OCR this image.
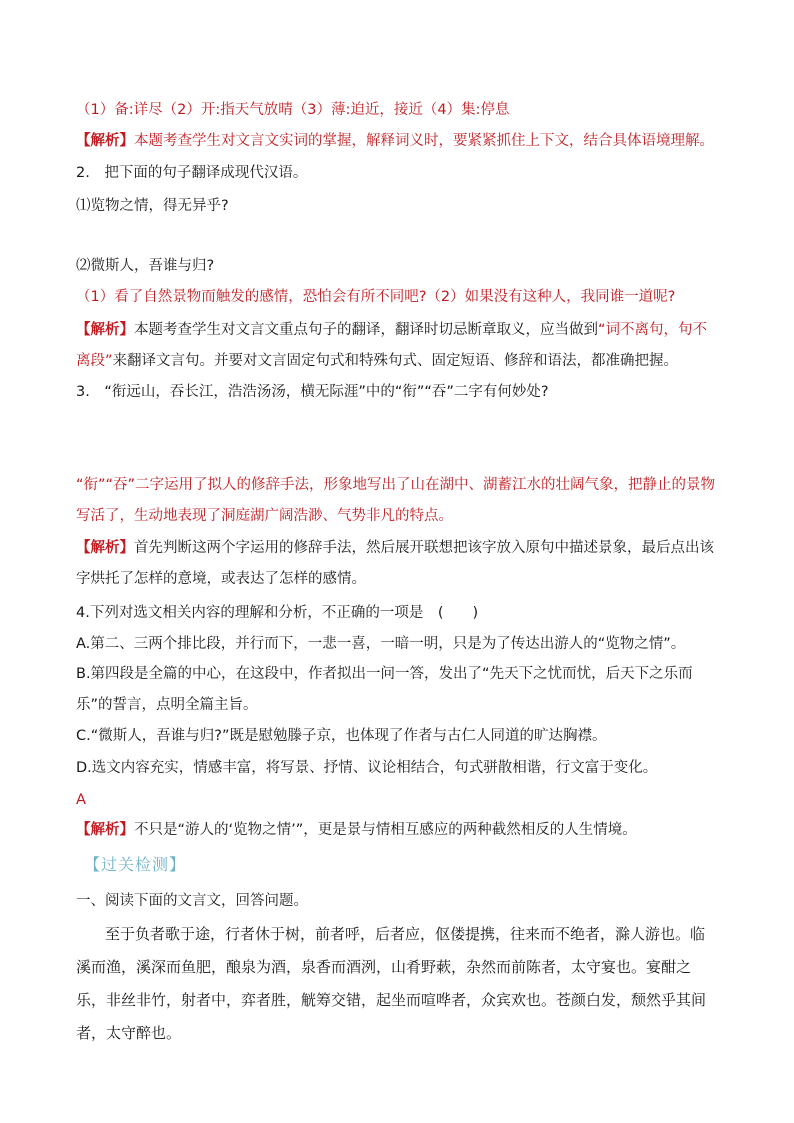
（1）备:详尽（2）开:指天气放晴（3）薄:迫近，接近（4）集:停息
【解析】本题考查学生对文言文实词的掌握，解释词义时，要紧紧抓住上下文，结合具体语境理解。
2.　把下面的句子翻译成现代汉语。
⑴览物之情，得无异乎?
⑵微斯人，吾谁与归?
（1）看了自然景物而触发的感情，恐怕会有所不同吧?（2）如果没有这种人，我同谁一道呢?
【解析】本题考查学生对文言文重点句子的翻译，翻译时切忌断章取义，应当做到“词不离句，句不离段”来翻译文言句。并要对文言固定句式和特殊句式、固定短语、修辞和语法，都准确把握。
3.　“衔远山，吞长江，浩浩汤汤，横无际涯”中的“衔”“吞”二字有何妙处?
“衔”“吞”二字运用了拟人的修辞手法，形象地写出了山在湖中、湖蓄江水的壮阔气象，把静止的景物写活了，生动地表现了洞庭湖广阔浩渺、气势非凡的特点。
【解析】首先判断这两个字运用的修辞手法，然后展开联想把该字放入原句中描述景象，最后点出该字烘托了怎样的意境，或表达了怎样的感情。
4.下列对选文相关内容的理解和分析，不正确的一项是　(　　)
A.第二、三两个排比段，并行而下，一悲一喜，一暗一明，只是为了传达出游人的“览物之情”。
B.第四段是全篇的中心，在这段中，作者拟出一问一答，发出了“先天下之忧而忧，后天下之乐而乐”的誓言，点明全篇主旨。
C.“微斯人，吾谁与归?”既是慰勉滕子京，也体现了作者与古仁人同道的旷达胸襟。
D.选文内容充实，情感丰富，将写景、抒情、议论相结合，句式骈散相谐，行文富于变化。
A
【解析】不只是“游人的‘览物之情’”，更是景与情相互感应的两种截然相反的人生情境。
【过关检测】
一、阅读下面的文言文，回答问题。
至于负者歌于途，行者休于树，前者呼，后者应，伛偻提携，往来而不绝者，滁人游也。临溪而渔，溪深而鱼肥，酿泉为酒，泉香而酒洌，山肴野蔌，杂然而前陈者，太守宴也。宴酣之乐，非丝非竹，射者中，弈者胜，觥筹交错，起坐而喧哗者，众宾欢也。苍颜白发，颓然乎其间者，太守醉也。
